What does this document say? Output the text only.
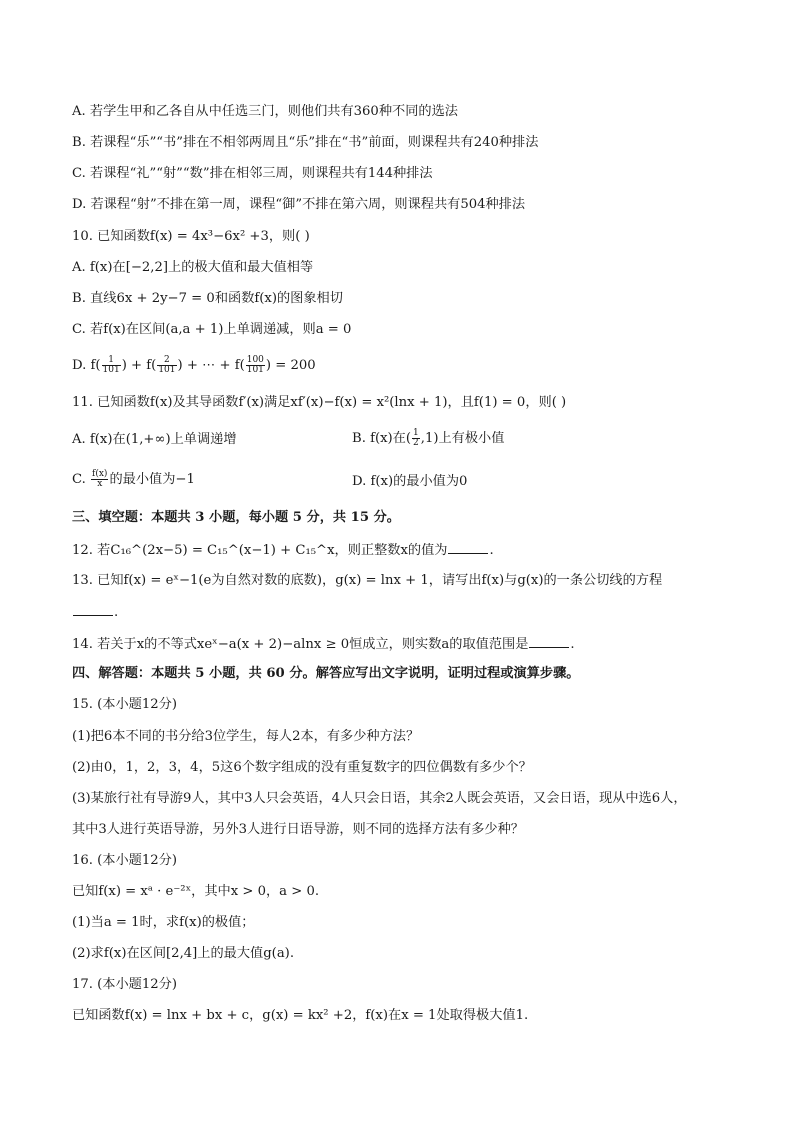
A. 若学生甲和乙各自从中任选三门，则他们共有360种不同的选法
B. 若课程“乐”“书”排在不相邻两周且“乐”排在“书”前面，则课程共有240种排法
C. 若课程“礼”“射”“数”排在相邻三周，则课程共有144种排法
D. 若课程“射”不排在第一周，课程“御”不排在第六周，则课程共有504种排法
10. 已知函数f(x) = 4x³−6x² +3，则( )
A. f(x)在[−2,2]上的极大值和最大值相等
B. 直线6x + 2y−7 = 0和函数f(x)的图象相切
C. 若f(x)在区间(a,a + 1)上单调递减，则a = 0
D. $f( \frac{1}{101}$ ) + $f( \frac{2}{101}$ ) + ⋯ + $f( \frac{100}{101}$ ) = 200
11. 已知函数f(x)及其导函数f′(x)满足xf′(x)−f(x) = x²(lnx + 1)，且f(1) = 0，则( )
A. f(x)在(1,+∞)上单调递增	B. f(x)在( $\frac{1}{2} ,1$)上有极小值
C. $\frac{f(x)}{x}$ 的最小值为−1	D. f(x)的最小值为0
三、填空题：本题共 3 小题，每小题 5 分，共 15 分。
12. 若C₁₆^(2x−5) = C₁₅^(x−1) + C₁₅^x，则正整数x的值为	.
13. 已知f(x) = eˣ−1(e为自然对数的底数)，g(x) = lnx + 1，请写出f(x)与g(x)的一条公切线的方程
.
14. 若关于x的不等式xeˣ−a(x + 2)−alnx ≥ 0恒成立，则实数a的取值范围是	.
四、解答题：本题共 5 小题，共 60 分。解答应写出文字说明，证明过程或演算步骤。
15. (本小题12分)
(1)把6本不同的书分给3位学生，每人2本，有多少种方法？
(2)由0，1，2，3，4，5这6个数字组成的没有重复数字的四位偶数有多少个？
(3)某旅行社有导游9人，其中3人只会英语，4人只会日语，其余2人既会英语，又会日语，现从中选6人，
其中3人进行英语导游，另外3人进行日语导游，则不同的选择方法有多少种？
16. (本小题12分)
已知f(x) = xᵃ · e⁻²ˣ，其中x > 0，a > 0.
(1)当a = 1时，求f(x)的极值；
(2)求f(x)在区间[2,4]上的最大值g(a).
17. (本小题12分)
已知函数f(x) = lnx + bx + c，g(x) = kx² +2，f(x)在x = 1处取得极大值1.
